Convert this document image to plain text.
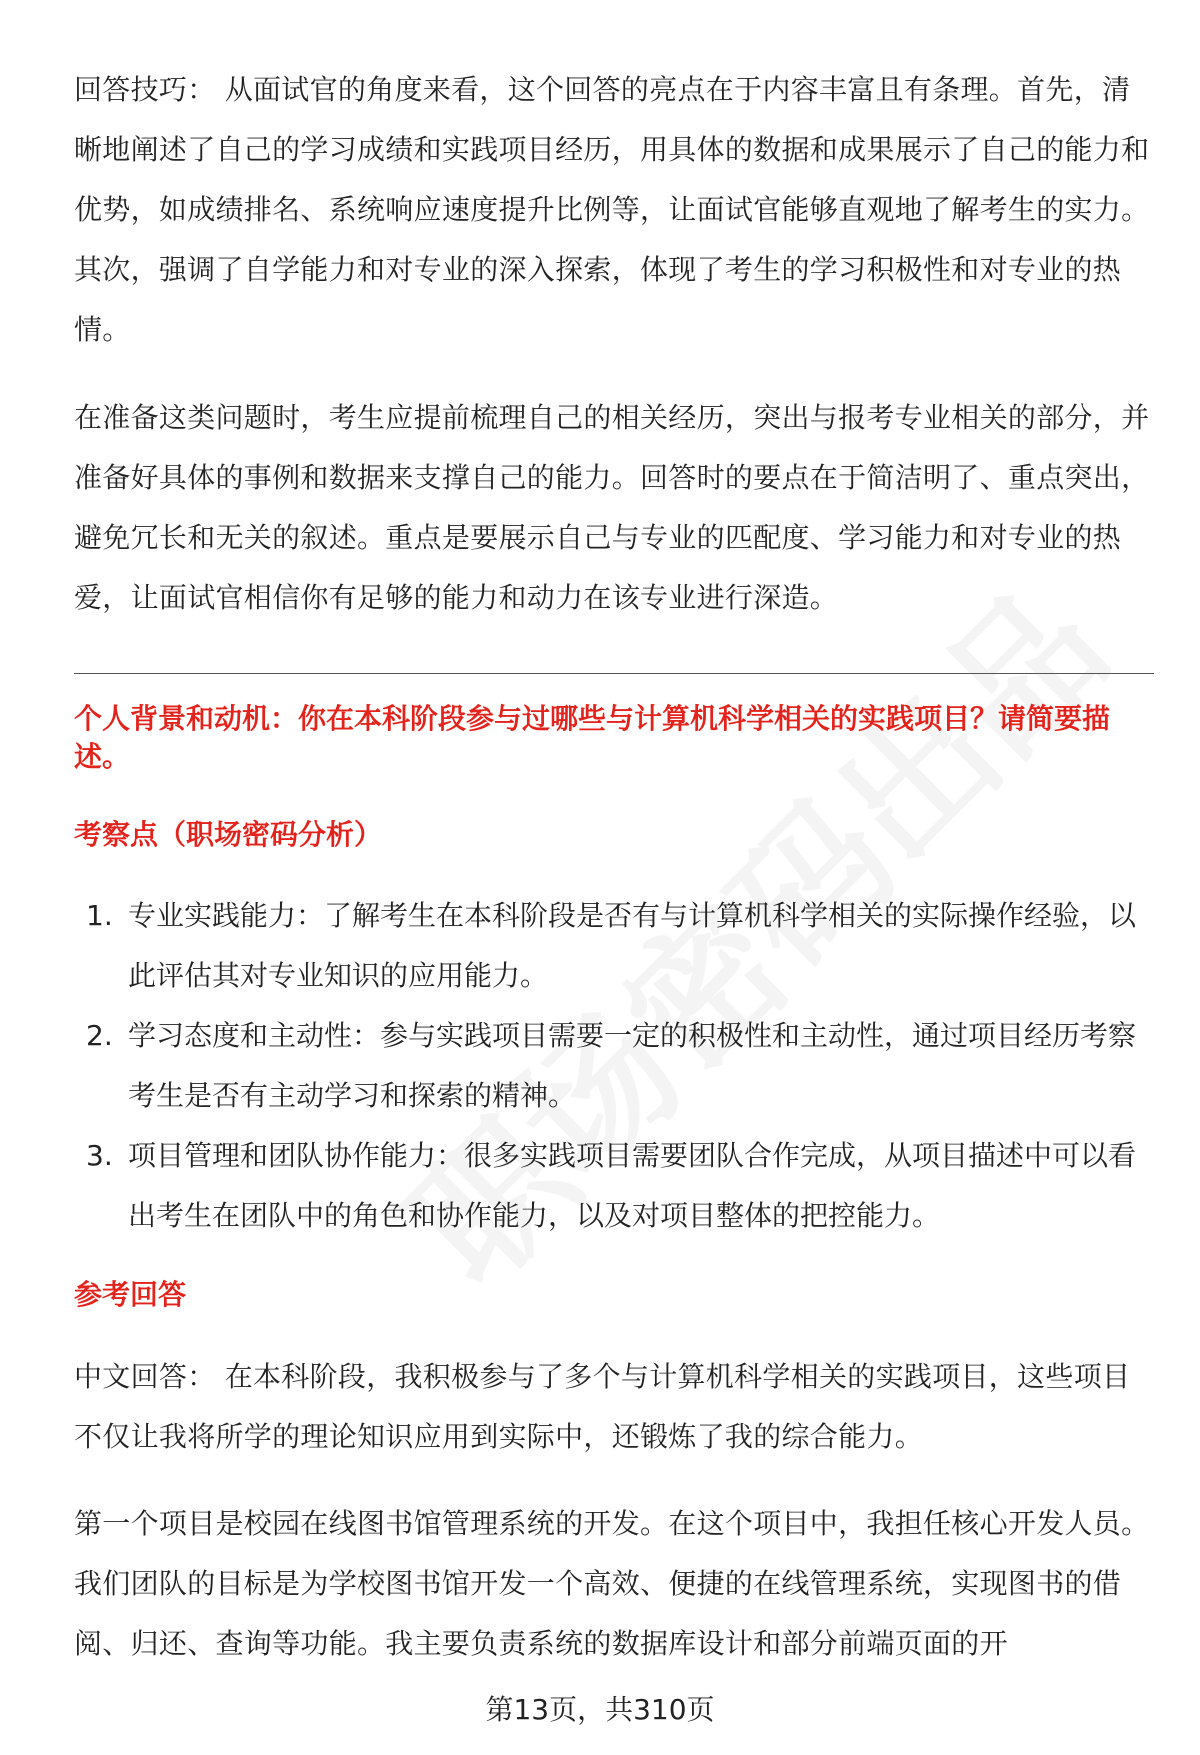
回答技巧： 从面试官的角度来看，这个回答的亮点在于内容丰富且有条理。首先，清晰地阐述了自己的学习成绩和实践项目经历，用具体的数据和成果展示了自己的能力和优势，如成绩排名、系统响应速度提升比例等，让面试官能够直观地了解考生的实力。其次，强调了自学能力和对专业的深入探索，体现了考生的学习积极性和对专业的热情。

在准备这类问题时，考生应提前梳理自己的相关经历，突出与报考专业相关的部分，并准备好具体的事例和数据来支撑自己的能力。回答时的要点在于简洁明了、重点突出，避免冗长和无关的叙述。重点是要展示自己与专业的匹配度、学习能力和对专业的热爱，让面试官相信你有足够的能力和动力在该专业进行深造。

个人背景和动机：你在本科阶段参与过哪些与计算机科学相关的实践项目？请简要描述。
考察点（职场密码分析）
1. 专业实践能力：了解考生在本科阶段是否有与计算机科学相关的实际操作经验，以此评估其对专业知识的应用能力。
2. 学习态度和主动性：参与实践项目需要一定的积极性和主动性，通过项目经历考察考生是否有主动学习和探索的精神。
3. 项目管理和团队协作能力：很多实践项目需要团队合作完成，从项目描述中可以看出考生在团队中的角色和协作能力，以及对项目整体的把控能力。
参考回答

中文回答： 在本科阶段，我积极参与了多个与计算机科学相关的实践项目，这些项目不仅让我将所学的理论知识应用到实际中，还锻炼了我的综合能力。

第一个项目是校园在线图书馆管理系统的开发。在这个项目中，我担任核心开发人员。我们团队的目标是为学校图书馆开发一个高效、便捷的在线管理系统，实现图书的借阅、归还、查询等功能。我主要负责系统的数据库设计和部分前端页面的开

第13页，共310页
